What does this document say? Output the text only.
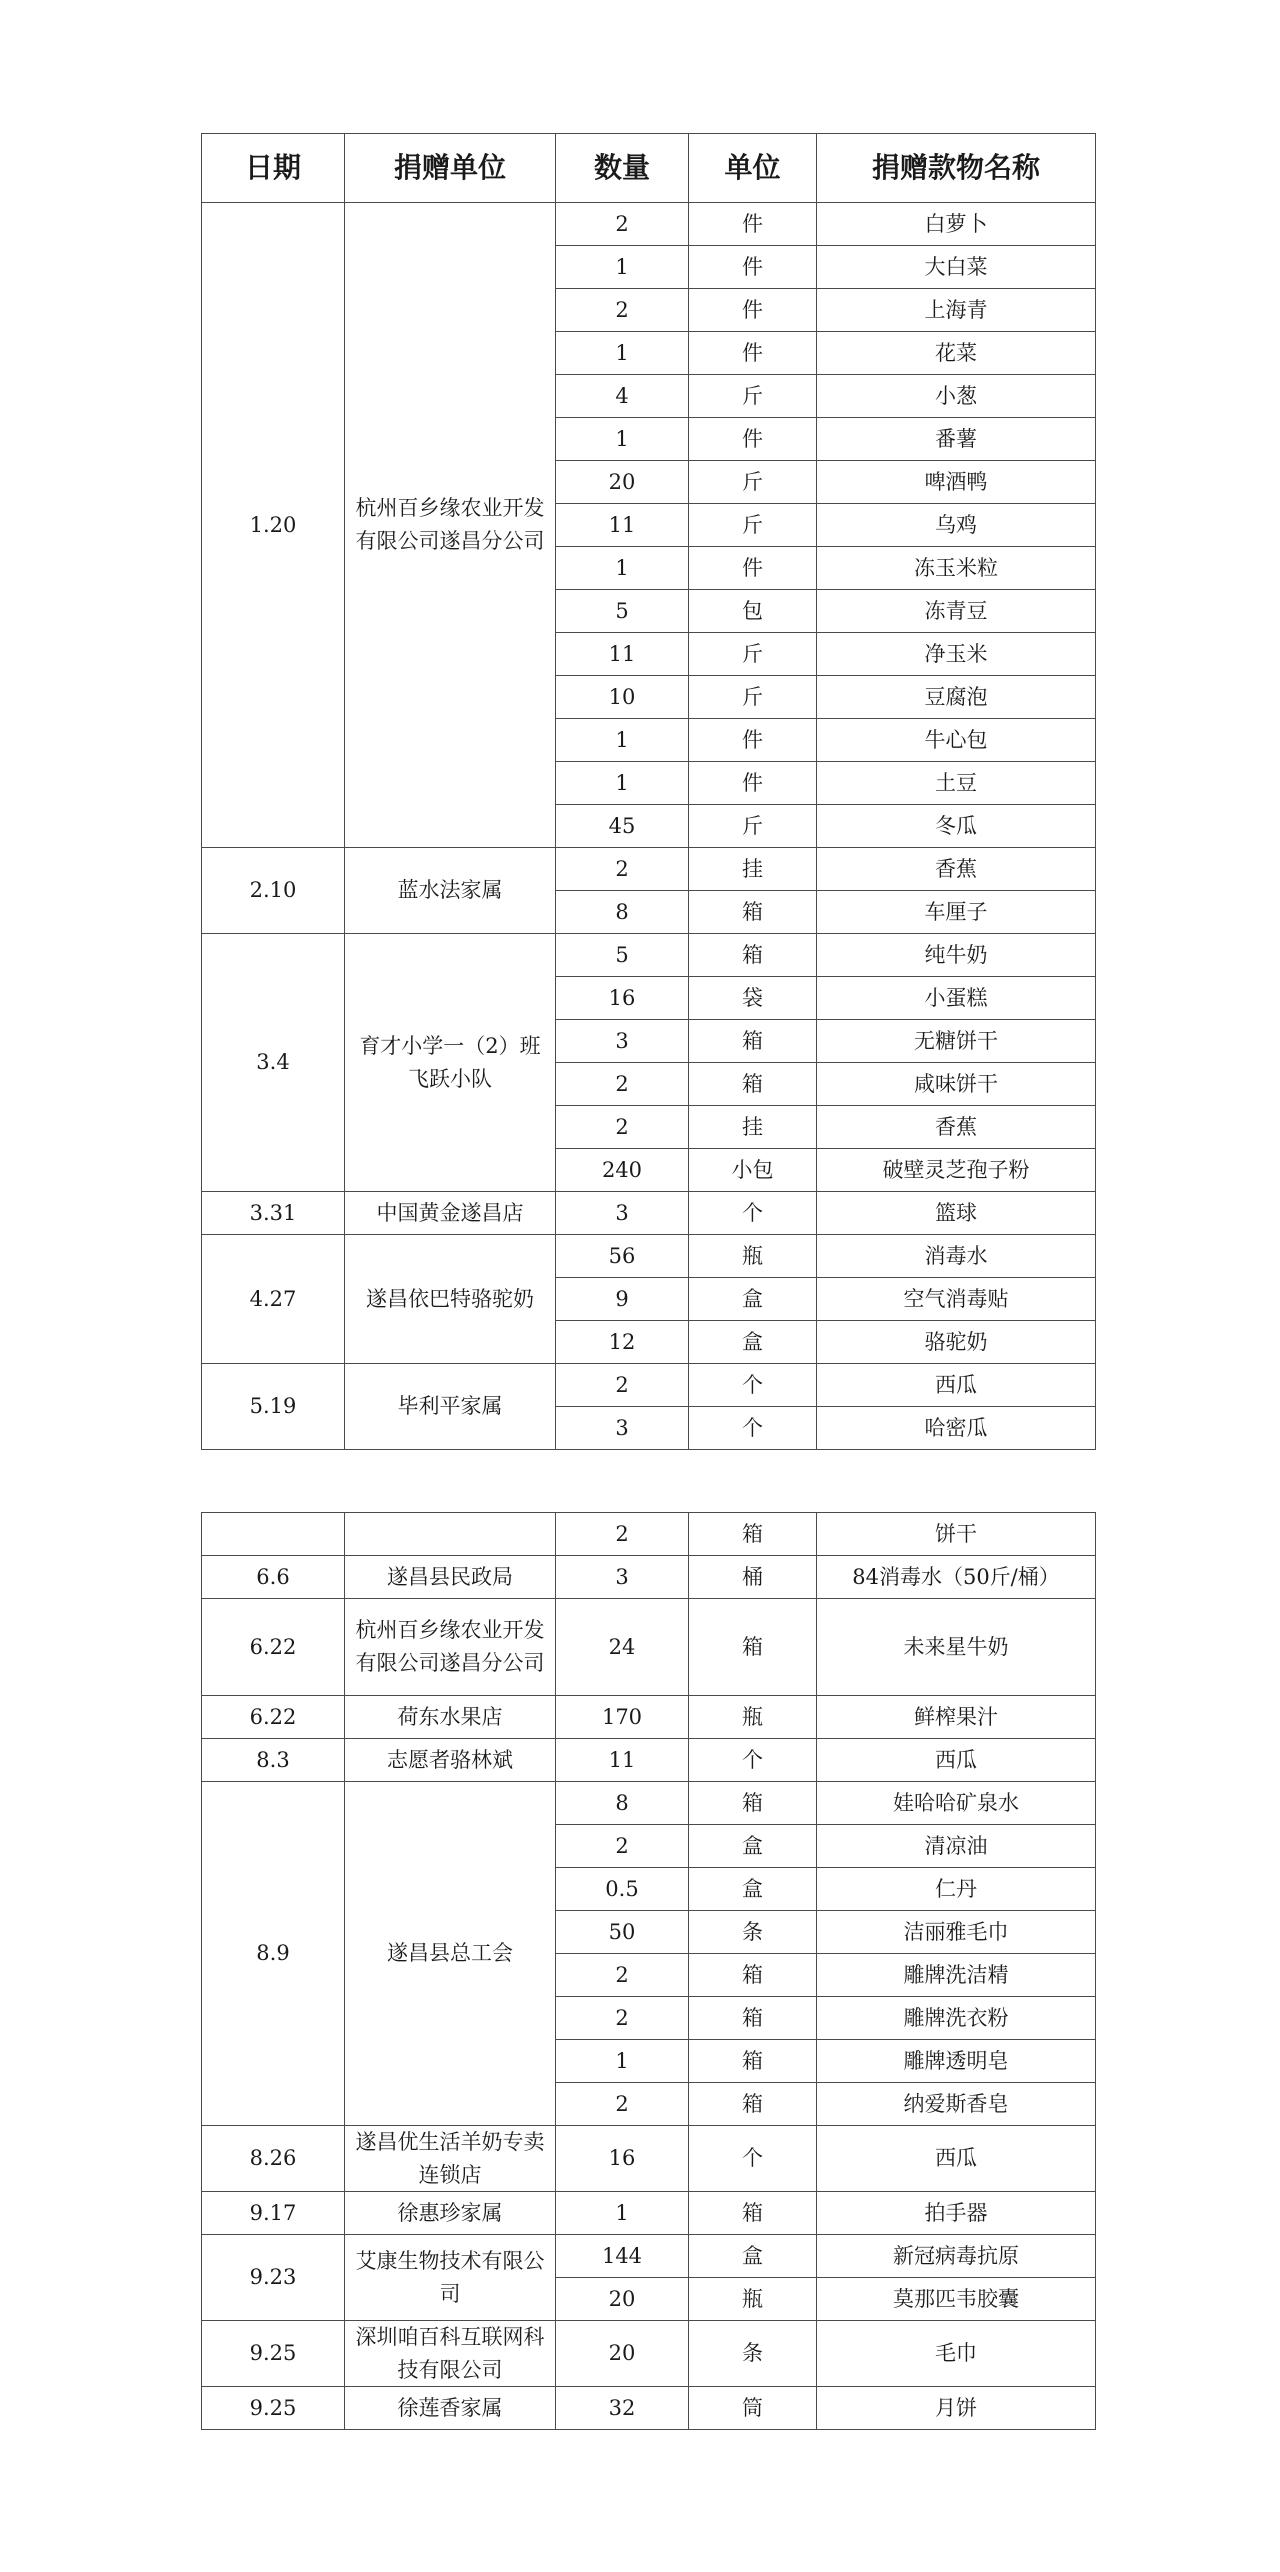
日期	捐赠单位	数量	单位	捐赠款物名称
1.20	杭州百乡缘农业开发有限公司遂昌分公司	2	件	白萝卜
		1	件	大白菜
		2	件	上海青
		1	件	花菜
		4	斤	小葱
		1	件	番薯
		20	斤	啤酒鸭
		11	斤	乌鸡
		1	件	冻玉米粒
		5	包	冻青豆
		11	斤	净玉米
		10	斤	豆腐泡
		1	件	牛心包
		1	件	土豆
		45	斤	冬瓜
2.10	蓝水法家属	2	挂	香蕉
		8	箱	车厘子
3.4	育才小学一（2）班飞跃小队	5	箱	纯牛奶
		16	袋	小蛋糕
		3	箱	无糖饼干
		2	箱	咸味饼干
		2	挂	香蕉
		240	小包	破壁灵芝孢子粉
3.31	中国黄金遂昌店	3	个	篮球
4.27	遂昌依巴特骆驼奶	56	瓶	消毒水
		9	盒	空气消毒贴
		12	盒	骆驼奶
5.19	毕利平家属	2	个	西瓜
		3	个	哈密瓜
		2	箱	饼干
6.6	遂昌县民政局	3	桶	84消毒水（50斤/桶）
6.22	杭州百乡缘农业开发有限公司遂昌分公司	24	箱	未来星牛奶
6.22	荷东水果店	170	瓶	鲜榨果汁
8.3	志愿者骆林斌	11	个	西瓜
8.9	遂昌县总工会	8	箱	娃哈哈矿泉水
		2	盒	清凉油
		0.5	盒	仁丹
		50	条	洁丽雅毛巾
		2	箱	雕牌洗洁精
		2	箱	雕牌洗衣粉
		1	箱	雕牌透明皂
		2	箱	纳爱斯香皂
8.26	遂昌优生活羊奶专卖连锁店	16	个	西瓜
9.17	徐惠珍家属	1	箱	拍手器
9.23	艾康生物技术有限公司	144	盒	新冠病毒抗原
		20	瓶	莫那匹韦胶囊
9.25	深圳咱百科互联网科技有限公司	20	条	毛巾
9.25	徐莲香家属	32	筒	月饼
